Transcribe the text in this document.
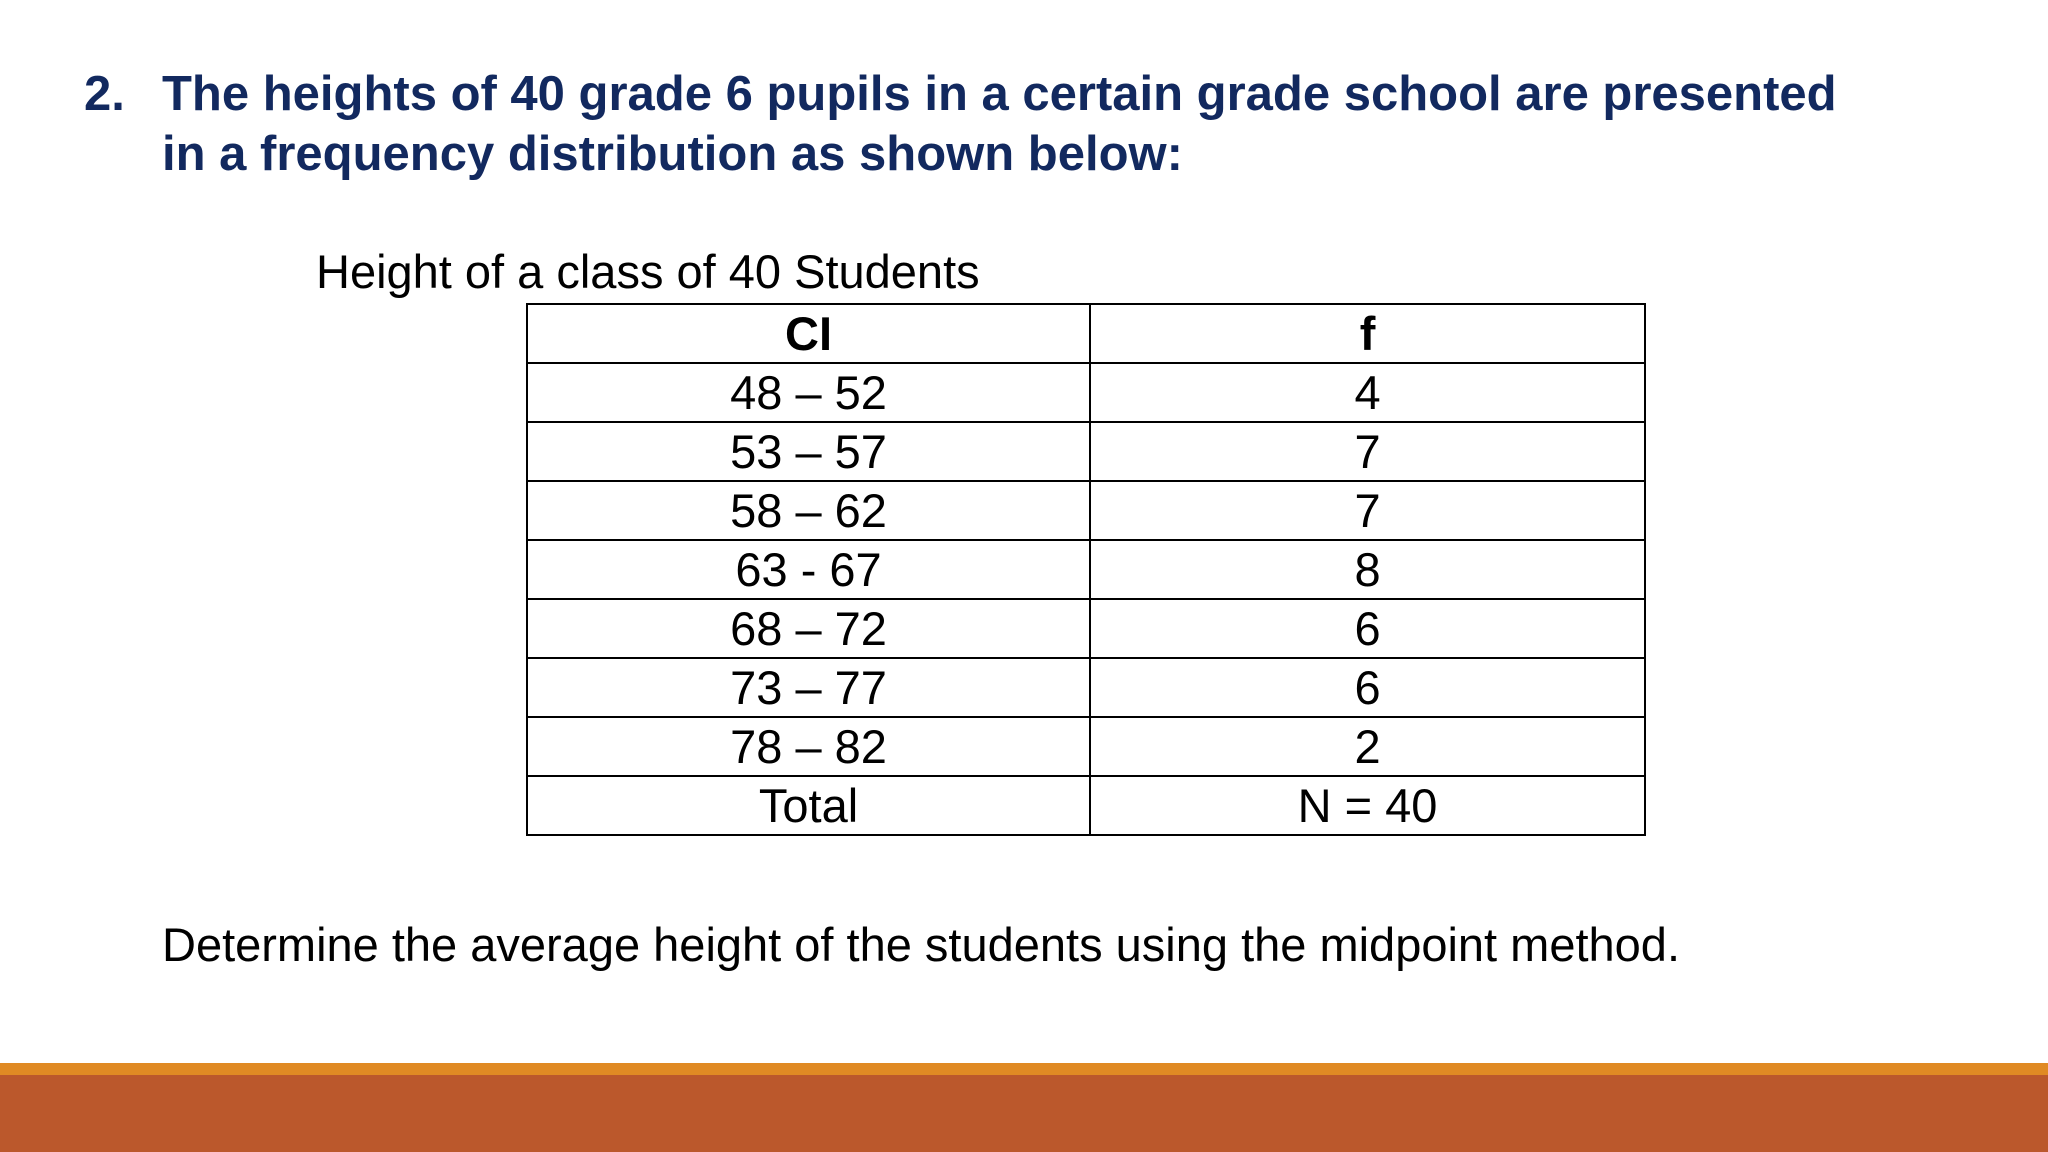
2. The heights of 40 grade 6 pupils in a certain grade school are presented
in a frequency distribution as shown below:
Height of a class of 40 Students
CI	f
48 – 52	4
53 – 57	7
58 – 62	7
63 - 67	8
68 – 72	6
73 – 77	6
78 – 82	2
Total	N = 40
Determine the average height of the students using the midpoint method.
